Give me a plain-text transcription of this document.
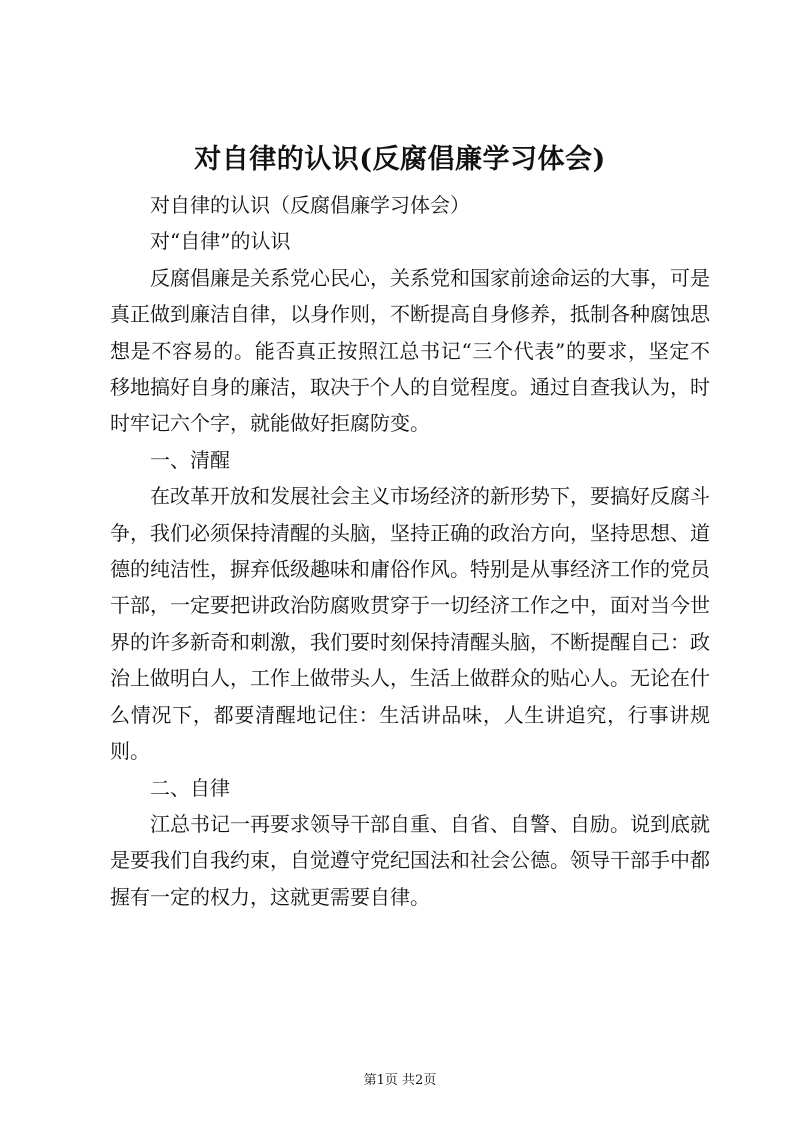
对自律的认识(反腐倡廉学习体会)

对自律的认识（反腐倡廉学习体会）

对“自律”的认识

反腐倡廉是关系党心民心，关系党和国家前途命运的大事，可是真正做到廉洁自律，以身作则，不断提高自身修养，抵制各种腐蚀思想是不容易的。能否真正按照江总书记“三个代表”的要求，坚定不移地搞好自身的廉洁，取决于个人的自觉程度。通过自查我认为，时时牢记六个字，就能做好拒腐防变。

一、清醒

在改革开放和发展社会主义市场经济的新形势下，要搞好反腐斗争，我们必须保持清醒的头脑，坚持正确的政治方向，坚持思想、道德的纯洁性，摒弃低级趣味和庸俗作风。特别是从事经济工作的党员干部，一定要把讲政治防腐败贯穿于一切经济工作之中，面对当今世界的许多新奇和刺激，我们要时刻保持清醒头脑，不断提醒自己：政治上做明白人，工作上做带头人，生活上做群众的贴心人。无论在什么情况下，都要清醒地记住：生活讲品味，人生讲追究，行事讲规则。

二、自律

江总书记一再要求领导干部自重、自省、自警、自励。说到底就是要我们自我约束，自觉遵守党纪国法和社会公德。领导干部手中都握有一定的权力，这就更需要自律。

第1页 共2页
